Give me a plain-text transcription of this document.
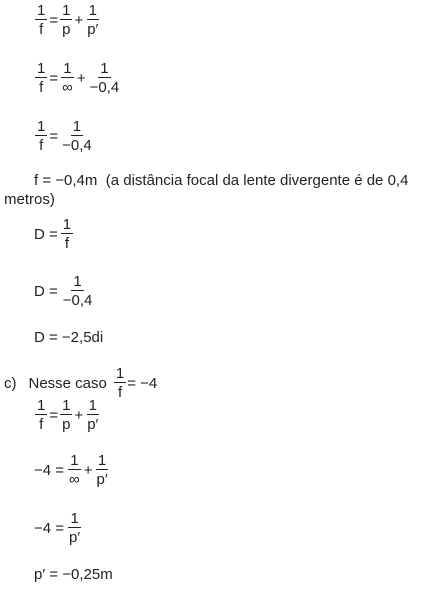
f = −0,4m (a distância focal da lente divergente é de 0,4
metros)
D = −2,5di
c) Nesse caso $\frac{1}{f} = -4$
p′ = −0,25m
$\frac{1}{f} = \frac{1}{p} + \frac{1}{p'}$
$\frac{1}{f} = \frac{1}{\infty} + \frac{1}{-0,4}$
$\frac{1}{f} = \frac{1}{-0,4}$
$D = \frac{1}{f}$
$D = \frac{1}{-0,4}$
$\frac{1}{f} = \frac{1}{p} + \frac{1}{p'}$
$-4 = \frac{1}{\infty} + \frac{1}{p'}$
$-4 = \frac{1}{p'}$
